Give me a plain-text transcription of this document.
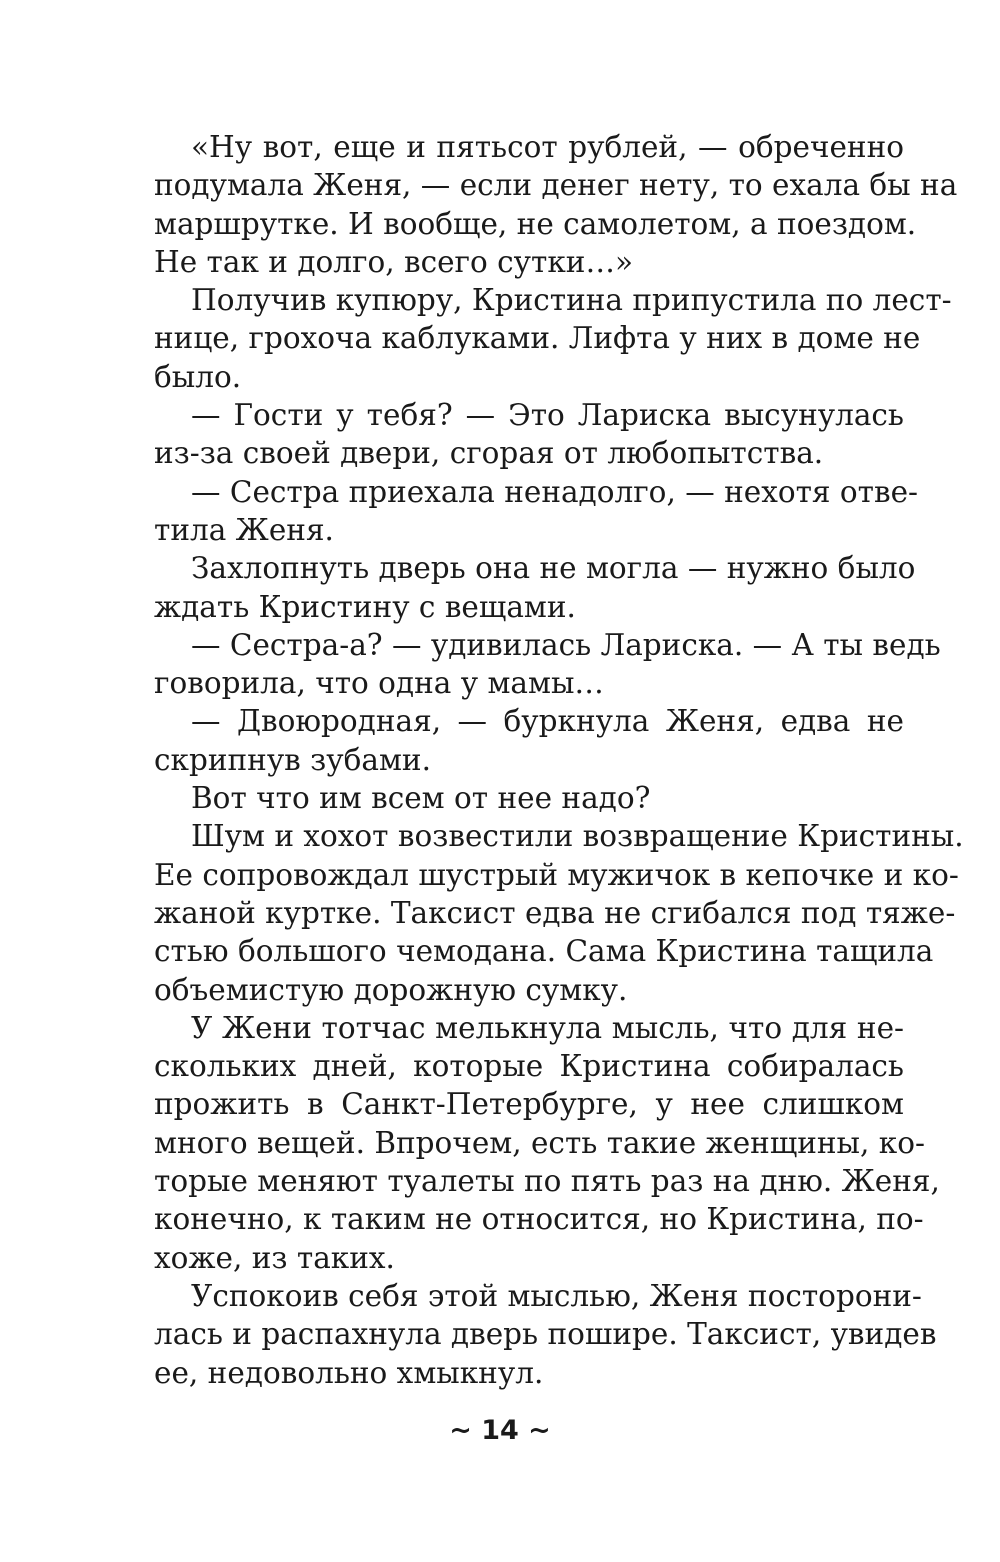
«Ну вот, еще и пятьсот рублей, — обреченно
подумала Женя, — если денег нету, то ехала бы на
маршрутке. И вообще, не самолетом, а поездом.
Не так и долго, всего сутки…»
Получив купюру, Кристина припустила по лест-
нице, грохоча каблуками. Лифта у них в доме не
было.
— Гости у тебя? — Это Лариска высунулась
из-за своей двери, сгорая от любопытства.
— Сестра приехала ненадолго, — нехотя отве-
тила Женя.
Захлопнуть дверь она не могла — нужно было
ждать Кристину с вещами.
— Сестра-а? — удивилась Лариска. — А ты ведь
говорила, что одна у мамы…
— Двоюродная, — буркнула Женя, едва не
скрипнув зубами.
Вот что им всем от нее надо?
Шум и хохот возвестили возвращение Кристины.
Ее сопровождал шустрый мужичок в кепочке и ко-
жаной куртке. Таксист едва не сгибался под тяже-
стью большого чемодана. Сама Кристина тащила
объемистую дорожную сумку.
У Жени тотчас мелькнула мысль, что для не-
скольких дней, которые Кристина собиралась
прожить в Санкт-Петербурге, у нее слишком
много вещей. Впрочем, есть такие женщины, ко-
торые меняют туалеты по пять раз на дню. Женя,
конечно, к таким не относится, но Кристина, по-
хоже, из таких.
Успокоив себя этой мыслью, Женя посторони-
лась и распахнула дверь пошире. Таксист, увидев
ее, недовольно хмыкнул.
~ 14 ~
